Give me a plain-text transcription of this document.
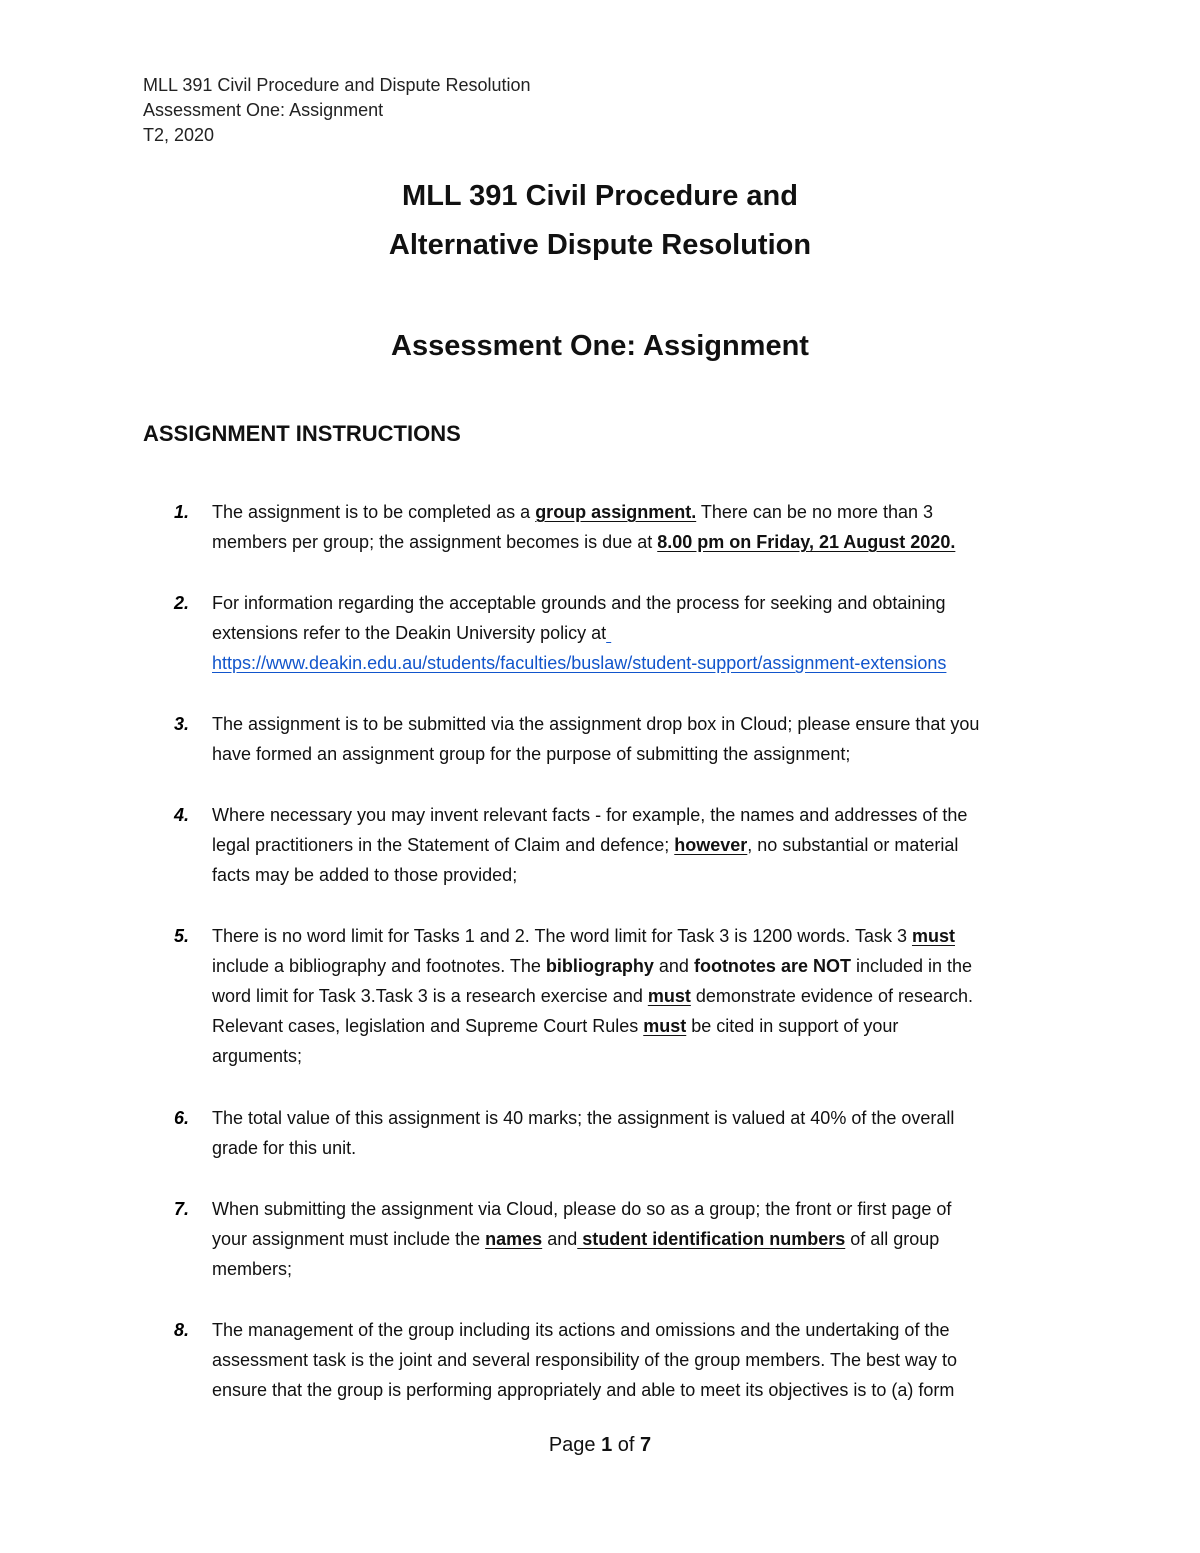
MLL 391 Civil Procedure and Dispute Resolution
Assessment One: Assignment
T2, 2020
MLL 391 Civil Procedure and
Alternative Dispute Resolution
Assessment One: Assignment
ASSIGNMENT INSTRUCTIONS
1. The assignment is to be completed as a group assignment. There can be no more than 3
members per group; the assignment becomes is due at 8.00 pm on Friday, 21 August 2020.
2. For information regarding the acceptable grounds and the process for seeking and obtaining
extensions refer to the Deakin University policy at
https://www.deakin.edu.au/students/faculties/buslaw/student-support/assignment-extensions
3. The assignment is to be submitted via the assignment drop box in Cloud; please ensure that you
have formed an assignment group for the purpose of submitting the assignment;
4. Where necessary you may invent relevant facts - for example, the names and addresses of the
legal practitioners in the Statement of Claim and defence; however, no substantial or material
facts may be added to those provided;
5. There is no word limit for Tasks 1 and 2. The word limit for Task 3 is 1200 words. Task 3 must
include a bibliography and footnotes. The bibliography and footnotes are NOT included in the
word limit for Task 3.Task 3 is a research exercise and must demonstrate evidence of research.
Relevant cases, legislation and Supreme Court Rules must be cited in support of your
arguments;
6. The total value of this assignment is 40 marks; the assignment is valued at 40% of the overall
grade for this unit.
7. When submitting the assignment via Cloud, please do so as a group; the front or first page of
your assignment must include the names and student identification numbers of all group
members;
8. The management of the group including its actions and omissions and the undertaking of the
assessment task is the joint and several responsibility of the group members. The best way to
ensure that the group is performing appropriately and able to meet its objectives is to (a) form
Page 1 of 7
